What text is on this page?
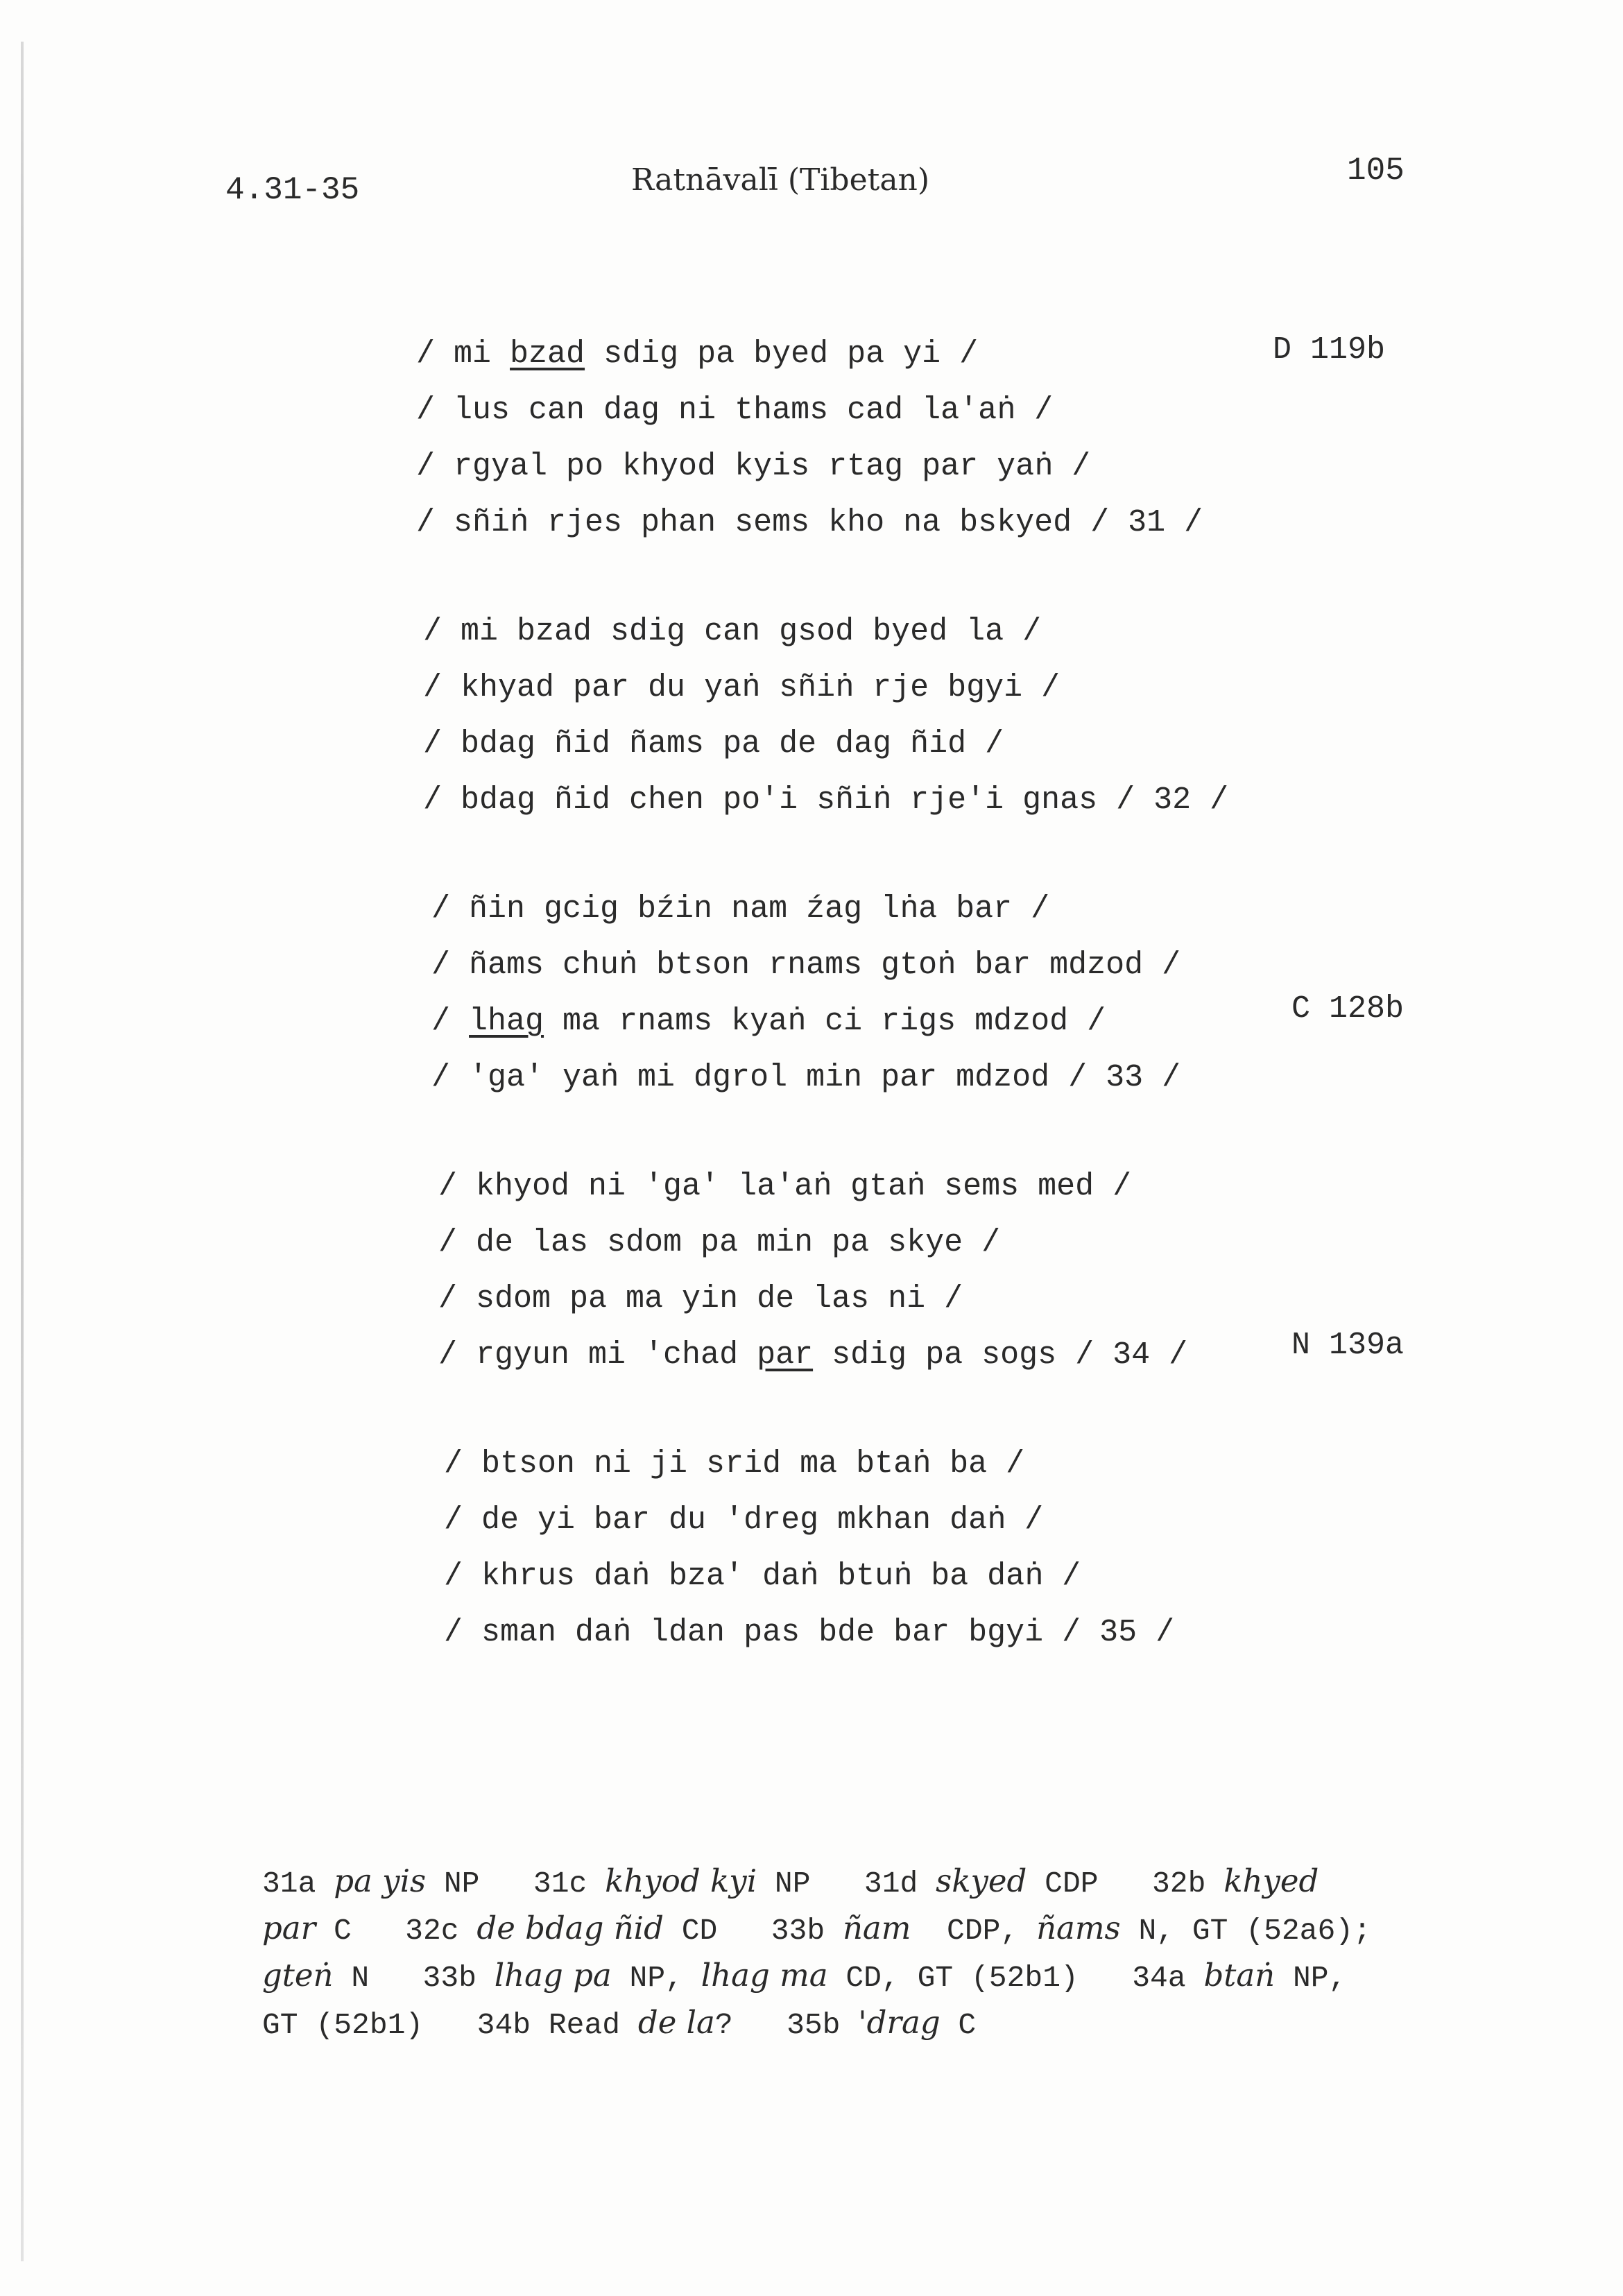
4.31-35	Ratnāvalī (Tibetan)	105
/ mi bzad sdig pa byed pa yi /
/ lus can dag ni thams cad la'aṅ /
/ rgyal po khyod kyis rtag par yaṅ /
/ sñiṅ rjes phan sems kho na bskyed / 31 /
D 119b
/ mi bzad sdig can gsod byed la /
/ khyad par du yaṅ sñiṅ rje bgyi /
/ bdag ñid ñams pa de dag ñid /
/ bdag ñid chen po'i sñiṅ rje'i gnas / 32 /
/ ñin gcig bźin nam źag lṅa bar /
/ ñams chuṅ btson rnams gtoṅ bar mdzod /
/ lhag ma rnams kyaṅ ci rigs mdzod /
/ 'ga' yaṅ mi dgrol min par mdzod / 33 /
C 128b
/ khyod ni 'ga' la'aṅ gtaṅ sems med /
/ de las sdom pa min pa skye /
/ sdom pa ma yin de las ni /
/ rgyun mi 'chad par sdig pa sogs / 34 /	N 139a
/ btson ni ji srid ma btaṅ ba /
/ de yi bar du 'dreg mkhan daṅ /
/ khrus daṅ bza' daṅ btuṅ ba daṅ /
/ sman daṅ ldan pas bde bar bgyi / 35 /
31a pa yis NP   31c khyod kyi NP   31d skyed CDP   32b khyed
par C   32c de bdag ñid CD   33b ñam  CDP, ñams N, GT (52a6);
gteṅ N   33b lhag pa NP, lhag ma CD, GT (52b1)   34a btaṅ NP,
GT (52b1)   34b Read de la?   35b 'drag C
